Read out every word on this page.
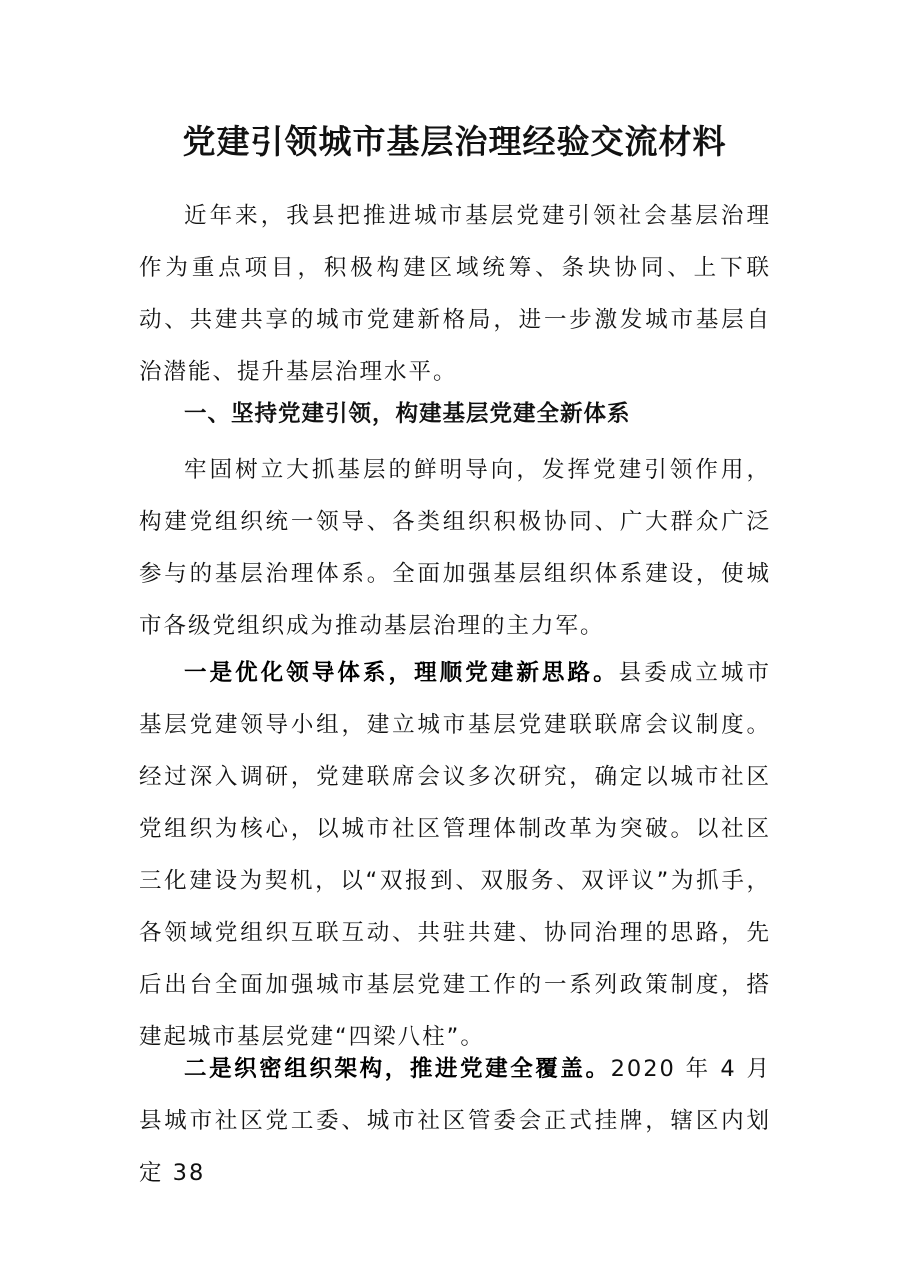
党建引领城市基层治理经验交流材料

近年来，我县把推进城市基层党建引领社会基层治理作为重点项目，积极构建区域统筹、条块协同、上下联动、共建共享的城市党建新格局，进一步激发城市基层自治潜能、提升基层治理水平。

一、坚持党建引领，构建基层党建全新体系

牢固树立大抓基层的鲜明导向，发挥党建引领作用，构建党组织统一领导、各类组织积极协同、广大群众广泛参与的基层治理体系。全面加强基层组织体系建设，使城市各级党组织成为推动基层治理的主力军。

一是优化领导体系，理顺党建新思路。县委成立城市基层党建领导小组，建立城市基层党建联联席会议制度。经过深入调研，党建联席会议多次研究，确定以城市社区党组织为核心，以城市社区管理体制改革为突破。以社区三化建设为契机，以“双报到、双服务、双评议”为抓手，各领域党组织互联互动、共驻共建、协同治理的思路，先后出台全面加强城市基层党建工作的一系列政策制度，搭建起城市基层党建“四梁八柱”。

二是织密组织架构，推进党建全覆盖。2020 年 4 月县城市社区党工委、城市社区管委会正式挂牌，辖区内划定 38
